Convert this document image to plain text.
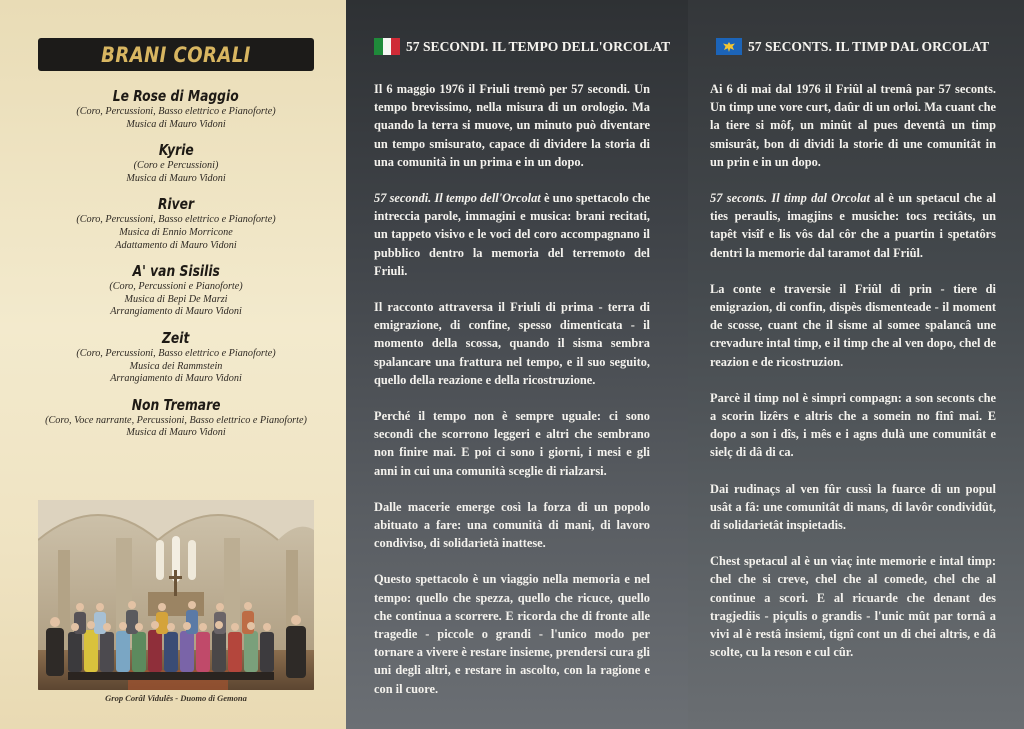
BRANI CORALI
Le Rose di Maggio
(Coro, Percussioni, Basso elettrico e Pianoforte)
Musica di Mauro Vidoni
Kyrie
(Coro e Percussioni)
Musica di Mauro Vidoni
River
(Coro, Percussioni, Basso elettrico e Pianoforte)
Musica di Ennio Morricone
Adattamento di Mauro Vidoni
A' van Sisilis
(Coro, Percussioni e Pianoforte)
Musica di Bepi De Marzi
Arrangiamento di Mauro Vidoni
Zeit
(Coro, Percussioni, Basso elettrico e Pianoforte)
Musica dei Rammstein
Arrangiamento di Mauro Vidoni
Non Tremare
(Coro, Voce narrante, Percussioni, Basso elettrico e Pianoforte)
Musica di Mauro Vidoni
Grop Corâl Vidulês - Duomo di Gemona
57 SECONDI. IL TEMPO DELL'ORCOLAT

Il 6 maggio 1976 il Friuli tremò per 57 secondi. Un tempo brevissimo, nella misura di un orologio. Ma quando la terra si muove, un minuto può diventare un tempo smisurato, capace di dividere la storia di una comunità in un prima e in un dopo.

57 secondi. Il tempo dell'Orcolat è uno spettacolo che intreccia parole, immagini e musica: brani recitati, un tappeto visivo e le voci del coro accompagnano il pubblico dentro la memoria del terremoto del Friuli.

Il racconto attraversa il Friuli di prima - terra di emigrazione, di confine, spesso dimenticata - il momento della scossa, quando il sisma sembra spalancare una frattura nel tempo, e il suo seguito, quello della reazione e della ricostruzione.

Perché il tempo non è sempre uguale: ci sono secondi che scorrono leggeri e altri che sembrano non finire mai. E poi ci sono i giorni, i mesi e gli anni in cui una comunità sceglie di rialzarsi.

Dalle macerie emerge così la forza di un popolo abituato a fare: una comunità di mani, di lavoro condiviso, di solidarietà inattese.

Questo spettacolo è un viaggio nella memoria e nel tempo: quello che spezza, quello che ricuce, quello che continua a scorrere. E ricorda che di fronte alle tragedie - piccole o grandi - l'unico modo per tornare a vivere è restare insieme, prendersi cura gli uni degli altri, e restare in ascolto, con la ragione e con il cuore.

57 SECONTS. IL TIMP DAL ORCOLAT

Ai 6 di mai dal 1976 il Friûl al tremâ par 57 seconts. Un timp une vore curt, daûr di un orloi. Ma cuant che la tiere si môf, un minût al pues deventâ un timp smisurât, bon di dividi la storie di une comunitât in un prin e in un dopo.

57 seconts. Il timp dal Orcolat al è un spetacul che al ties peraulis, imagjins e musiche: tocs recitâts, un tapêt visîf e lis vôs dal côr che a puartin i spetatôrs dentri la memorie dal taramot dal Friûl.

La conte e traversie il Friûl di prin - tiere di emigrazion, di confin, dispès dismenteade - il moment de scosse, cuant che il sisme al somee spalancâ une crevadure intal timp, e il timp che al ven dopo, chel de reazion e de ricostruzion.

Parcè il timp nol è simpri compagn: a son seconts che a scorin lizêrs e altris che a somein no finî mai. E dopo a son i dîs, i mês e i agns dulà une comunitât e sielç di dâ di ca.

Dai rudinaçs al ven fûr cussì la fuarce di un popul usât a fâ: une comunitât di mans, di lavôr condividût, di solidarietât inspietadis.

Chest spetacul al è un viaç inte memorie e intal timp: chel che si creve, chel che al comede, chel che al continue a scori. E al ricuarde che denant des tragjediis - piçulis o grandis - l'unic mût par tornâ a vivi al è restâ insiemi, tignî cont un di chei altris, e dâ scolte, cu la reson e cul cûr.
